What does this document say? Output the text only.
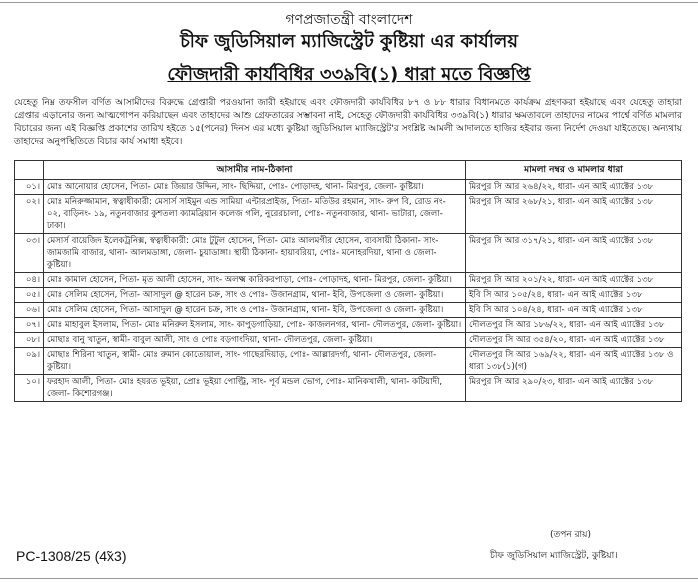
গণপ্রজাতন্ত্রী বাংলাদেশ
চীফ জুডিসিয়াল ম্যাজিস্ট্রেট কুষ্টিয়া এর কার্যালয়
ফৌজদারী কার্যবিধির ৩৩৯বি(১) ধারা মতে বিজ্ঞপ্তি
যেহেতু নিম্ন তফসীল বর্ণিত আসামীদের বিরুদ্ধে গ্রেপ্তারী পরওয়ানা জারী হইয়াছে এবং ফৌজদারী কার্যবিধির ৮৭ ও ৮৮ ধারার বিধানমতে কার্যক্রম গ্রহণকরা হইয়াছে এবং যেহেতু তাহারা গ্রেপ্তার এড়ানোর জন্য আত্মগোপন করিয়াছেন এবং তাহাদের আশু গ্রেফতারের সম্ভাবনা নাই, সেহেতু ফৌজদারী কার্যবিধির ৩৩৯বি(১) ধারার ক্ষমতাবলে তাহাদের নামের পার্শ্বে বর্ণিত মামলার বিচারের জন্য এই বিজ্ঞপ্তি প্রকাশের তারিখ হইতে ১৫(পনের) দিনস এর মধ্যে কুষ্টিয়া জুডিসিয়াল ম্যাজিস্ট্রেট'র সংশ্লিষ্ট আমলী আদালতে হাজির হইবার জন্য নির্দেশ দেওয়া যাইতেছে। অন্যথায় তাহাদের অনুপস্থিতিতে বিচার কার্য সমাধা হইবে।
	আসামীর নাম-ঠিকানা	মামলা নম্বর ও মামলার ধারা
০১।	মোঃ আনোয়ার হোসেন, পিতা- মোঃ জিয়ার উদ্দিন, সাং- ছিদ্দিয়া, পোঃ- পোড়াদহ, থানা- মিরপুর, জেলা- কুষ্টিয়া।	মিরপুর সি আর ২৬৪/২২, ধারা- এন আই এ্যাক্টের ১৩৮
০২।	মোঃ মনিরুজ্জামান, স্বত্বাধীকারী: মেসার্স সাইমুন এন্ড সামিয়া এন্টারপ্রাইজ, পিতা- মতিউর রহমান, সাং- রুপ বি, রোড নং- ০২, বাড়িনং- ১৯, নতুনবাজার কুশতলা ক্যামব্রিয়ান কলেজ গলি, নুরেরচালা, পোঃ- নতুনবাজার, থানা- ভাটারা, জেলা- ঢাকা।	মিরপুর সি আর ২৬৮/২১, ধারা- এন আই এ্যাক্টের ১৩৮
০৩।	মেসার্স বায়েজিদ ইলেকট্রনিক্স, স্বত্বাধীকারী: মোঃ টুটুল হোসেন, পিতা- মোঃ আলমগীর হোসেন, ব্যবসায়ী ঠিকানা- সাং- জামজামি বাজার, থানা- আলমডাঙ্গা, জেলা- চুয়াডাঙ্গা। স্থায়ী ঠিকানা- হায়াবরিয়া, পোঃ- মনোহরদিয়া, থানা ও জেলা- কুষ্টিয়া।	মিরপুর সি আর ৩১৭/২১, ধারা- এন আই এ্যাক্টের ১৩৮
০৪।	মোঃ কামাল হোসেন, পিতা- মৃত আলী হোসেন, সাং- অলক্ষ্ম কারিকরপাড়া, পোঃ- পোড়াদহ, থানা- মিরপুর, জেলা- কুষ্টিয়া।	মিরপুর সি আর ২০১/২২, ধারা- এন আই এ্যাক্টের ১৩৮
০৫।	মোঃ সেলিম হোসেন, পিতা- আসাদুল @ হারেন চক্র, সাং ও পোঃ- উজানগ্রাম, থানা- ইবি, উপজেলা ও জেলা- কুষ্টিয়া।	ইবি সি আর ১০৫/২৪, ধারা- এন আই এ্যাক্টের ১৩৮
০৬।	মোঃ সেলিম হোসেন, পিতা- আসাদুল @ হারেন চক্র, সাং ও পোঃ- উজানগ্রাম, থানা- ইবি, উপজেলা ও জেলা- কুষ্টিয়া।	ইবি সি আর ১০৪/২৪, ধারা- এন আই এ্যাক্টের ১৩৮
০৭।	মোঃ মাহাবুল ইসলাম, পিতা- মোঃ মনিরুল ইসলাম, সাং- কাপুড়গাড়িয়া, পোঃ- কাজলনগর, থানা- দৌলতপুর, জেলা- কুষ্টিয়া।	দৌলতপুর সি আর ১৮৬/২২, ধারা- এন আই এ্যাক্টের ১৩৮
০৮।	মোছাঃ বানু খাতুন, স্বামী- বাবুল আলী, সাং ও পোঃ বড়গাংদিয়া, থানা- দৌলতপুর, জেলা- কুষ্টিয়া।	দৌলতপুর সি আর ৩৫৪/২০, ধারা- এন আই এ্যাক্টের ১৩৮
০৯।	মোছাঃ শিরিনা খাতুন, স্বামী- মোঃ রুমান কোতোয়াল, সাং- গাছেরদিয়াড়, পোঃ- আল্লারদর্গা, থানা- দৌলতপুর, জেলা- কুষ্টিয়া।	দৌলতপুর সি আর ১৬৯/২২, ধারা- এন আই এ্যাক্টের ১৩৮ ও ধারা ১৩৮(১)(গ)
১০।	ফরহাদ আলী, পিতা- মোঃ হযরত ভূইয়া, প্রোঃ ভূইয়া পোল্ট্রি, সাং- পূর্ব মন্ডল ভোগ, পোঃ- মানিকখালী, থানা- কটিয়াদী, জেলা- কিশোরগঞ্জ।	মিরপুর সি আর ২৯০/২৩, ধারা- এন আই এ্যাক্টের ১৩৮
(তপন রায়)
চীফ জুডিসিয়াল ম্যাজিস্ট্রেট, কুষ্টিয়া।
PC-1308/25 (4̃x3)
